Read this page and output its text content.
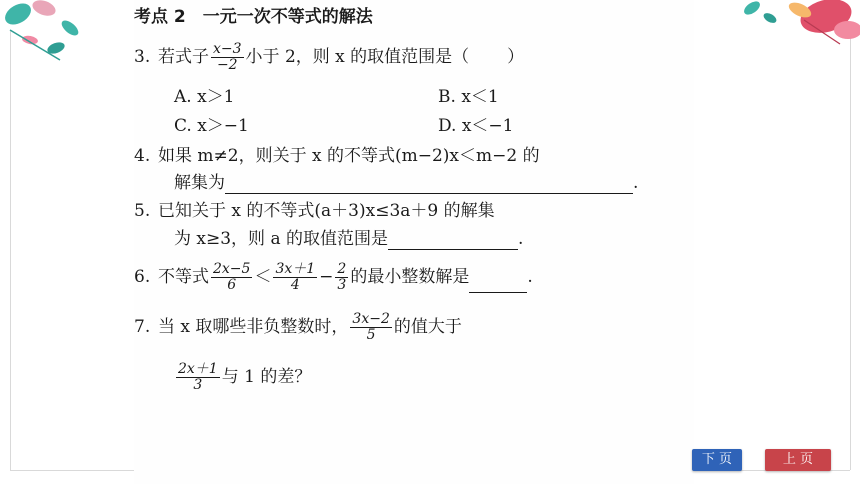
考点 2　一元一次不等式的解法
3. 若式子 $\frac{x-3}{-2}$ 小于 2，则 x 的取值范围是（ ）
A. x＞1	B. x＜1
C. x＞−1	D. x＜−1
4. 如果 m≠2，则关于 x 的不等式(m−2)x＜m−2 的
解集为	.
5. 已知关于 x 的不等式(a＋3)x≤3a＋9 的解集
为 x≥3，则 a 的取值范围是	.
6. 不等式 $\frac{2x-5}{6} < \frac{3x+1}{4} - \frac{2}{3}$ 的最小整数解是	.
7. 当 x 取哪些非负整数时， $\frac{3x-2}{5}$ 的值大于
$\frac{2x+1}{3}$ 与 1 的差？
下 页	上 页
